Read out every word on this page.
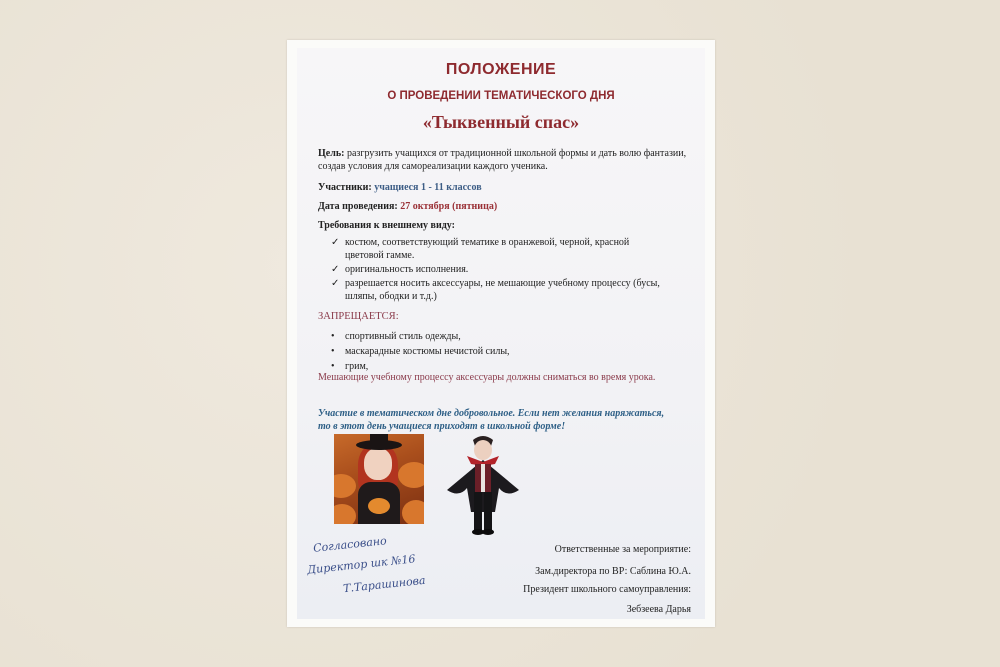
ПОЛОЖЕНИЕ
О ПРОВЕДЕНИИ ТЕМАТИЧЕСКОГО ДНЯ
«Тыквенный спас»
Цель: разгрузить учащихся от традиционной школьной формы и дать волю фантазии, создав условия для самореализации каждого ученика.
Участники: учащиеся 1 - 11 классов
Дата проведения: 27 октября (пятница)
Требования к внешнему виду:
✓ костюм, соответствующий тематике в оранжевой, черной, красной цветовой гамме.
✓ оригинальность исполнения.
✓ разрешается носить аксессуары, не мешающие учебному процессу (бусы, шляпы, ободки и т.д.)
ЗАПРЕЩАЕТСЯ:
• спортивный стиль одежды,
• маскарадные костюмы нечистой силы,
• грим,
Мешающие учебному процессу аксессуары должны сниматься во время урока.
Участие в тематическом дне добровольное. Если нет желания наряжаться, то в этот день учащиеся приходят в школьной форме!
Согласовано
Директор шк №16
Т.Тарашинова
Ответственные за мероприятие:
Зам.директора по ВР: Саблина Ю.А.
Президент школьного самоуправления:
Зебзеева Дарья
